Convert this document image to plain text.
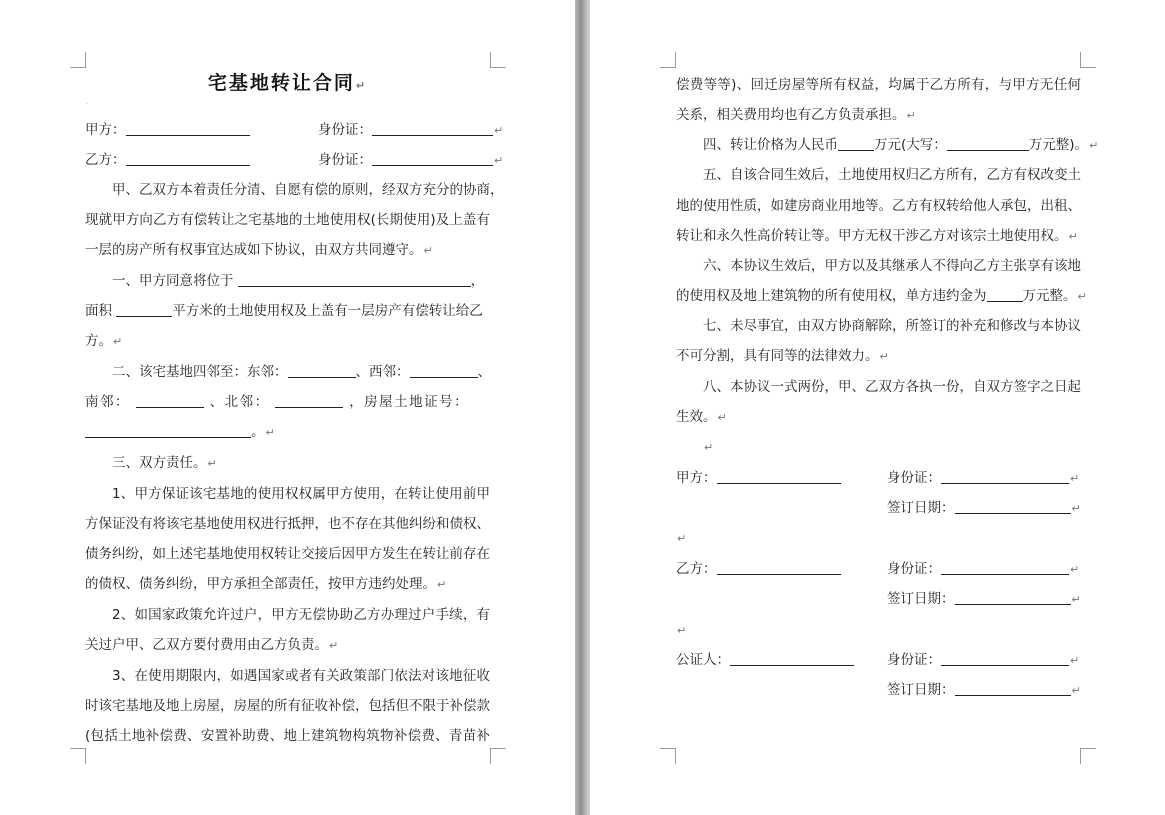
宅基地转让合同↵
·
甲方：	身份证：	↵
乙方：	身份证：	↵
甲、乙双方本着责任分清、自愿有偿的原则，经双方充分的协商，
现就甲方向乙方有偿转让之宅基地的土地使用权(长期使用)及上盖有
一层的房产所有权事宜达成如下协议，由双方共同遵守。↵
一、甲方同意将位于	，
面积	平方米的土地使用权及上盖有一层房产有偿转让给乙
方。↵
二、该宅基地四邻至：东邻：	、西邻：	、
南邻：	、北邻：	，房屋土地证号：
。↵
三、双方责任。↵
1、甲方保证该宅基地的使用权权属甲方使用，在转让使用前甲
方保证没有将该宅基地使用权进行抵押，也不存在其他纠纷和债权、
债务纠纷，如上述宅基地使用权转让交接后因甲方发生在转让前存在
的债权、债务纠纷，甲方承担全部责任，按甲方违约处理。↵
2、如国家政策允许过户，甲方无偿协助乙方办理过户手续，有
关过户甲、乙双方要付费用由乙方负责。↵
3、在使用期限内，如遇国家或者有关政策部门依法对该地征收
时该宅基地及地上房屋，房屋的所有征收补偿，包括但不限于补偿款
(包括土地补偿费、安置补助费、地上建筑物构筑物补偿费、青苗补
偿费等等)、回迁房屋等所有权益，均属于乙方所有，与甲方无任何
关系，相关费用均也有乙方负责承担。↵
四、转让价格为人民币	万元(大写：	万元整)。↵
五、自该合同生效后，土地使用权归乙方所有，乙方有权改变土
地的使用性质，如建房商业用地等。乙方有权转给他人承包，出租、
转让和永久性高价转让等。甲方无权干涉乙方对该宗土地使用权。↵
六、本协议生效后，甲方以及其继承人不得向乙方主张享有该地
的使用权及地上建筑物的所有使用权，单方违约金为	万元整。↵
七、未尽事宜，由双方协商解除，所签订的补充和修改与本协议
不可分割，具有同等的法律效力。↵
八、本协议一式两份，甲、乙双方各执一份，自双方签字之日起
生效。↵
↵
甲方：	身份证：	↵
签订日期：	↵
↵
乙方：	身份证：	↵
签订日期：	↵
↵
公证人：	身份证：	↵
签订日期：	↵
